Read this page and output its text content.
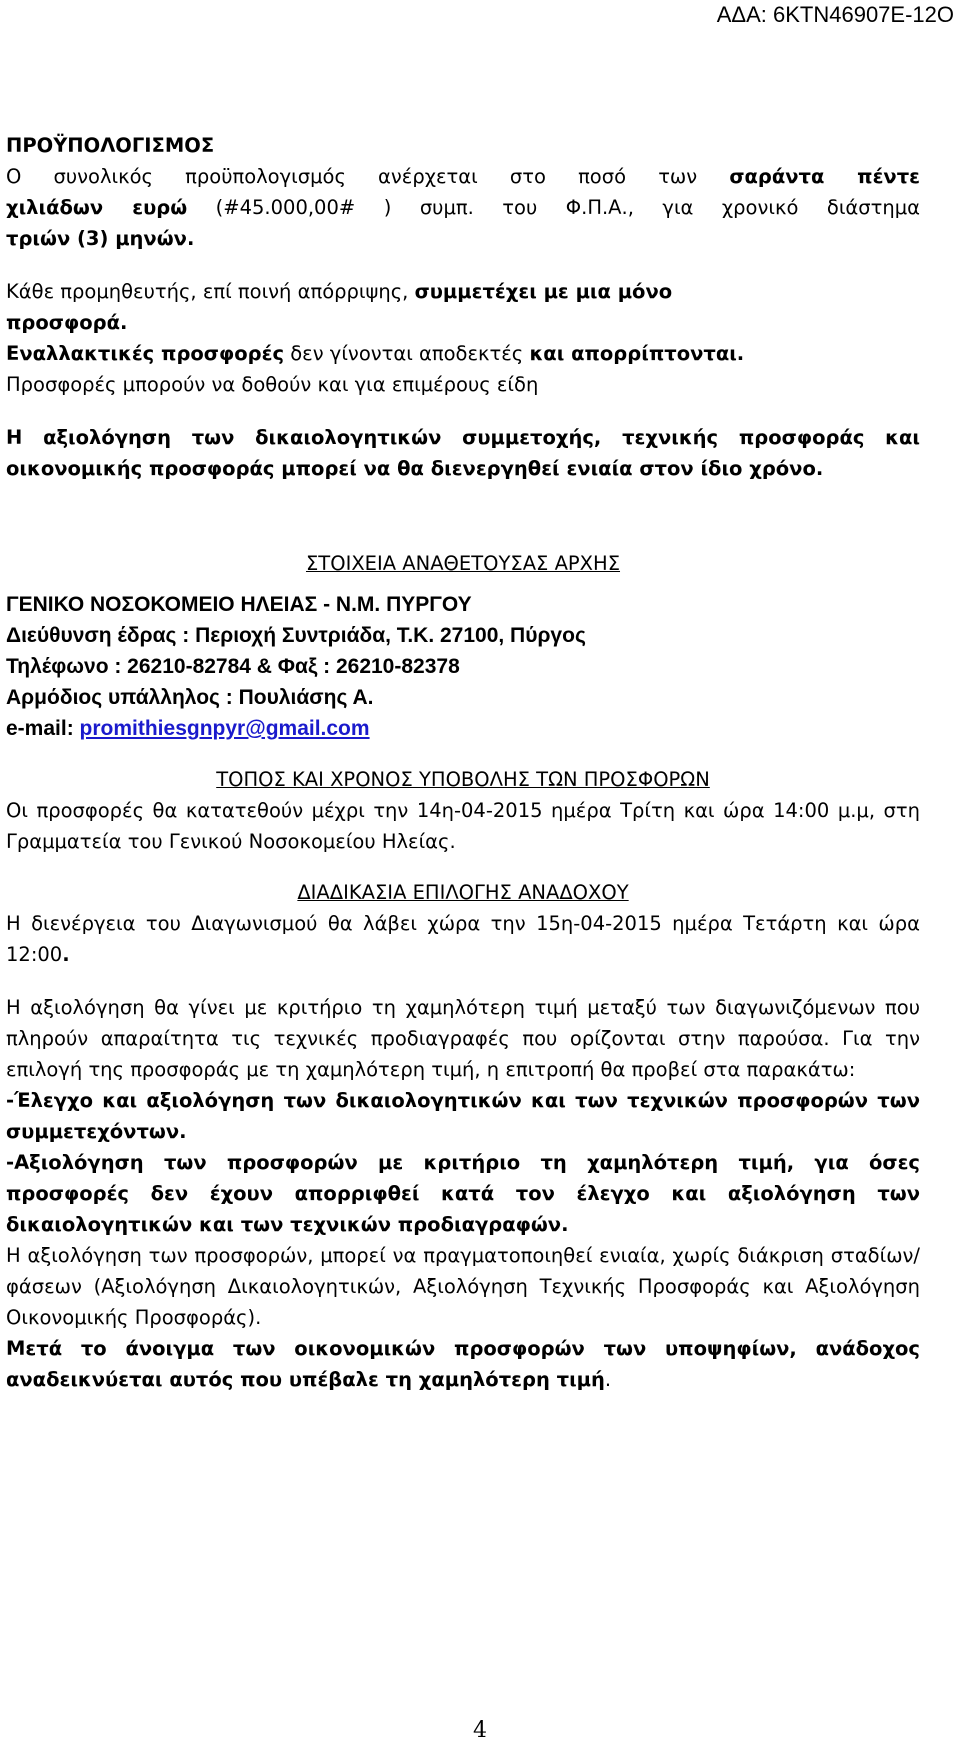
ΑΔΑ: 6ΚΤΝ46907Ε-12Ο

ΠΡΟΫΠΟΛΟΓΙΣΜΟΣ

Ο συνολικός προϋπολογισμός ανέρχεται στο ποσό των σαράντα πέντε

χιλιάδων ευρώ (#45.000,00# ) συμπ. του Φ.Π.Α., για χρονικό διάστημα

τριών (3) μηνών.

Κάθε προμηθευτής, επί ποινή απόρριψης, συμμετέχει με μια μόνο

προσφορά.

Εναλλακτικές προσφορές δεν γίνονται αποδεκτές και απορρίπτονται.

Προσφορές μπορούν να δοθούν και για επιμέρους είδη

Η αξιολόγηση των δικαιολογητικών συμμετοχής, τεχνικής προσφοράς και οικονομικής προσφοράς μπορεί να θα διενεργηθεί ενιαία στον ίδιο χρόνο.

ΣΤΟΙΧΕΙΑ ΑΝΑΘΕΤΟΥΣΑΣ ΑΡΧΗΣ

ΓΕΝΙΚΟ ΝΟΣΟΚΟΜΕΙΟ ΗΛΕΙΑΣ - Ν.Μ. ΠΥΡΓΟΥ

Διεύθυνση έδρας : Περιοχή Συντριάδα, Τ.Κ. 27100, Πύργος

Τηλέφωνο : 26210-82784 & Φαξ : 26210-82378

Αρμόδιος υπάλληλος : Πουλιάσης Α.

e-mail: promithiesgnpyr@gmail.com

ΤΟΠΟΣ ΚΑΙ ΧΡΟΝΟΣ ΥΠΟΒΟΛΗΣ ΤΩΝ ΠΡΟΣΦΟΡΩΝ

Οι προσφορές θα κατατεθούν μέχρι την 14η-04-2015 ημέρα Τρίτη και ώρα 14:00 μ.μ, στη Γραμματεία του Γενικού Νοσοκομείου Ηλείας.

ΔΙΑΔΙΚΑΣΙΑ ΕΠΙΛΟΓΗΣ ΑΝΑΔΟΧΟΥ

Η διενέργεια του Διαγωνισμού θα λάβει χώρα την 15η-04-2015 ημέρα Τετάρτη και ώρα 12:00.

Η αξιολόγηση θα γίνει με κριτήριο τη χαμηλότερη τιμή μεταξύ των διαγωνιζόμενων που πληρούν απαραίτητα τις τεχνικές προδιαγραφές που ορίζονται στην παρούσα. Για την επιλογή της προσφοράς με τη χαμηλότερη τιμή, η επιτροπή θα προβεί στα παρακάτω:

-Έλεγχο και αξιολόγηση των δικαιολογητικών και των τεχνικών προσφορών των συμμετεχόντων.

-Αξιολόγηση των προσφορών με κριτήριο τη χαμηλότερη τιμή, για όσες προσφορές δεν έχουν απορριφθεί κατά τον έλεγχο και αξιολόγηση των δικαιολογητικών και των τεχνικών προδιαγραφών.

Η αξιολόγηση των προσφορών, μπορεί να πραγματοποιηθεί ενιαία, χωρίς διάκριση σταδίων/ φάσεων (Αξιολόγηση Δικαιολογητικών, Αξιολόγηση Τεχνικής Προσφοράς και Αξιολόγηση Οικονομικής Προσφοράς).

Μετά το άνοιγμα των οικονομικών προσφορών των υποψηφίων, ανάδοχος αναδεικνύεται αυτός που υπέβαλε τη χαμηλότερη τιμή.

4
